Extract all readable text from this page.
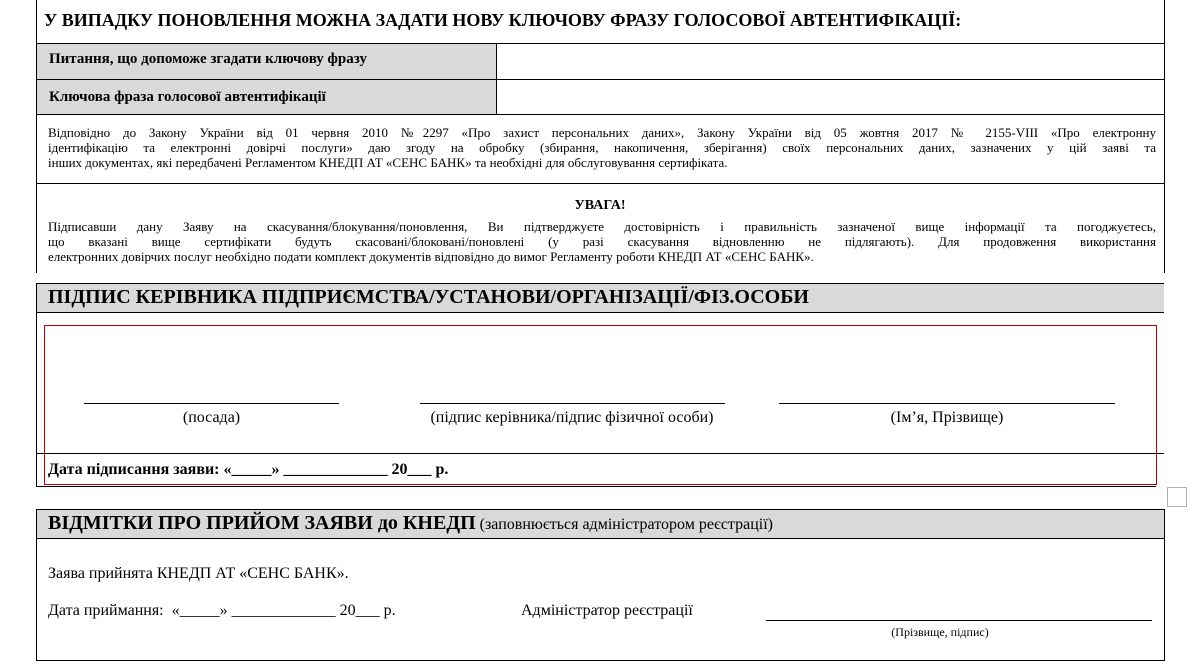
У ВИПАДКУ ПОНОВЛЕННЯ МОЖНА ЗАДАТИ НОВУ КЛЮЧОВУ ФРАЗУ ГОЛОСОВОЇ АВТЕНТИФІКАЦІЇ:
Питання, що допоможе згадати ключову фразу
Ключова фраза голосової автентифікації
Відповідно до Закону України від 01 червня 2010 №2297 «Про захист персональних даних», Закону України від 05 жовтня 2017 № 2155-VIII «Про електронну
ідентифікацію та електронні довірчі послуги» даю згоду на обробку (збирання, накопичення, зберігання) своїх персональних даних, зазначених у цій заяві та
інших документах, які передбачені Регламентом КНЕДП АТ «СЕНС БАНК» та необхідні для обслуговування сертифіката.
УВАГА!
Підписавши дану Заяву на скасування/блокування/поновлення, Ви підтверджуєте достовірність і правильність зазначеної вище інформації та погоджуєтесь,
що вказані вище сертифікати будуть скасовані/блоковані/поновлені (у разі скасування відновленню не підлягають). Для продовження використання
електронних довірчих послуг необхідно подати комплект документів відповідно до вимог Регламенту роботи КНЕДП АТ «СЕНС БАНК».
ПІДПИС КЕРІВНИКА ПІДПРИЄМСТВА/УСТАНОВИ/ОРГАНІЗАЦІЇ/ФІЗ.ОСОБИ
(посада)	(підпис керівника/підпис фізичної особи)	(Ім’я, Прізвище)
Дата підписання заяви: «_____» _____________ 20___ р.
ВІДМІТКИ ПРО ПРИЙОМ ЗАЯВИ до КНЕДП (заповнюється адміністратором реєстрації)
Заява прийнята КНЕДП АТ «СЕНС БАНК».
Дата приймання:  «_____» _____________ 20___ р.	Адміністратор реєстрації
(Прізвище, підпис)
